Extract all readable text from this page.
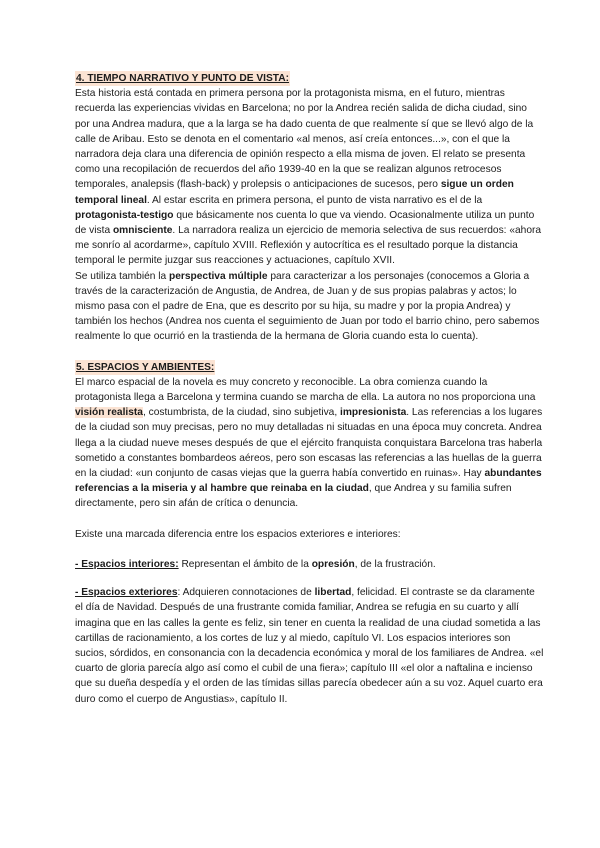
4. TIEMPO NARRATIVO Y PUNTO DE VISTA:

Esta historia está contada en primera persona por la protagonista misma, en el futuro, mientras recuerda las experiencias vividas en Barcelona; no por la Andrea recién salida de dicha ciudad, sino por una Andrea madura, que a la larga se ha dado cuenta de que realmente sí que se llevó algo de la calle de Aribau. Esto se denota en el comentario «al menos, así creía entonces...», con el que la narradora deja clara una diferencia de opinión respecto a ella misma de joven. El relato se presenta como una recopilación de recuerdos del año 1939-40 en la que se realizan algunos retrocesos temporales, analepsis (flash-back) y prolepsis o anticipaciones de sucesos, pero sigue un orden temporal lineal. Al estar escrita en primera persona, el punto de vista narrativo es el de la protagonista-testigo que básicamente nos cuenta lo que va viendo. Ocasionalmente utiliza un punto de vista omnisciente. La narradora realiza un ejercicio de memoria selectiva de sus recuerdos: «ahora me sonrío al acordarme», capítulo XVIII. Reflexión y autocrítica es el resultado porque la distancia temporal le permite juzgar sus reacciones y actuaciones, capítulo XVII.

Se utiliza también la perspectiva múltiple para caracterizar a los personajes (conocemos a Gloria a través de la caracterización de Angustia, de Andrea, de Juan y de sus propias palabras y actos; lo mismo pasa con el padre de Ena, que es descrito por su hija, su madre y por la propia Andrea) y también los hechos (Andrea nos cuenta el seguimiento de Juan por todo el barrio chino, pero sabemos realmente lo que ocurrió en la trastienda de la hermana de Gloria cuando esta lo cuenta).

5. ESPACIOS Y AMBIENTES:

El marco espacial de la novela es muy concreto y reconocible. La obra comienza cuando la protagonista llega a Barcelona y termina cuando se marcha de ella. La autora no nos proporciona una visión realista, costumbrista, de la ciudad, sino subjetiva, impresionista. Las referencias a los lugares de la ciudad son muy precisas, pero no muy detalladas ni situadas en una época muy concreta. Andrea llega a la ciudad nueve meses después de que el ejército franquista conquistara Barcelona tras haberla sometido a constantes bombardeos aéreos, pero son escasas las referencias a las huellas de la guerra en la ciudad: «un conjunto de casas viejas que la guerra había convertido en ruinas». Hay abundantes referencias a la miseria y al hambre que reinaba en la ciudad, que Andrea y su familia sufren directamente, pero sin afán de crítica o denuncia.

Existe una marcada diferencia entre los espacios exteriores e interiores:

- Espacios interiores: Representan el ámbito de la opresión, de la frustración.

- Espacios exteriores: Adquieren connotaciones de libertad, felicidad. El contraste se da claramente el día de Navidad. Después de una frustrante comida familiar, Andrea se refugia en su cuarto y allí imagina que en las calles la gente es feliz, sin tener en cuenta la realidad de una ciudad sometida a las cartillas de racionamiento, a los cortes de luz y al miedo, capítulo VI. Los espacios interiores son sucios, sórdidos, en consonancia con la decadencia económica y moral de los familiares de Andrea. «el cuarto de gloria parecía algo así como el cubil de una fiera»; capítulo III «el olor a naftalina e incienso que su dueña despedía y el orden de las tímidas sillas parecía obedecer aún a su voz. Aquel cuarto era duro como el cuerpo de Angustias», capítulo II.
